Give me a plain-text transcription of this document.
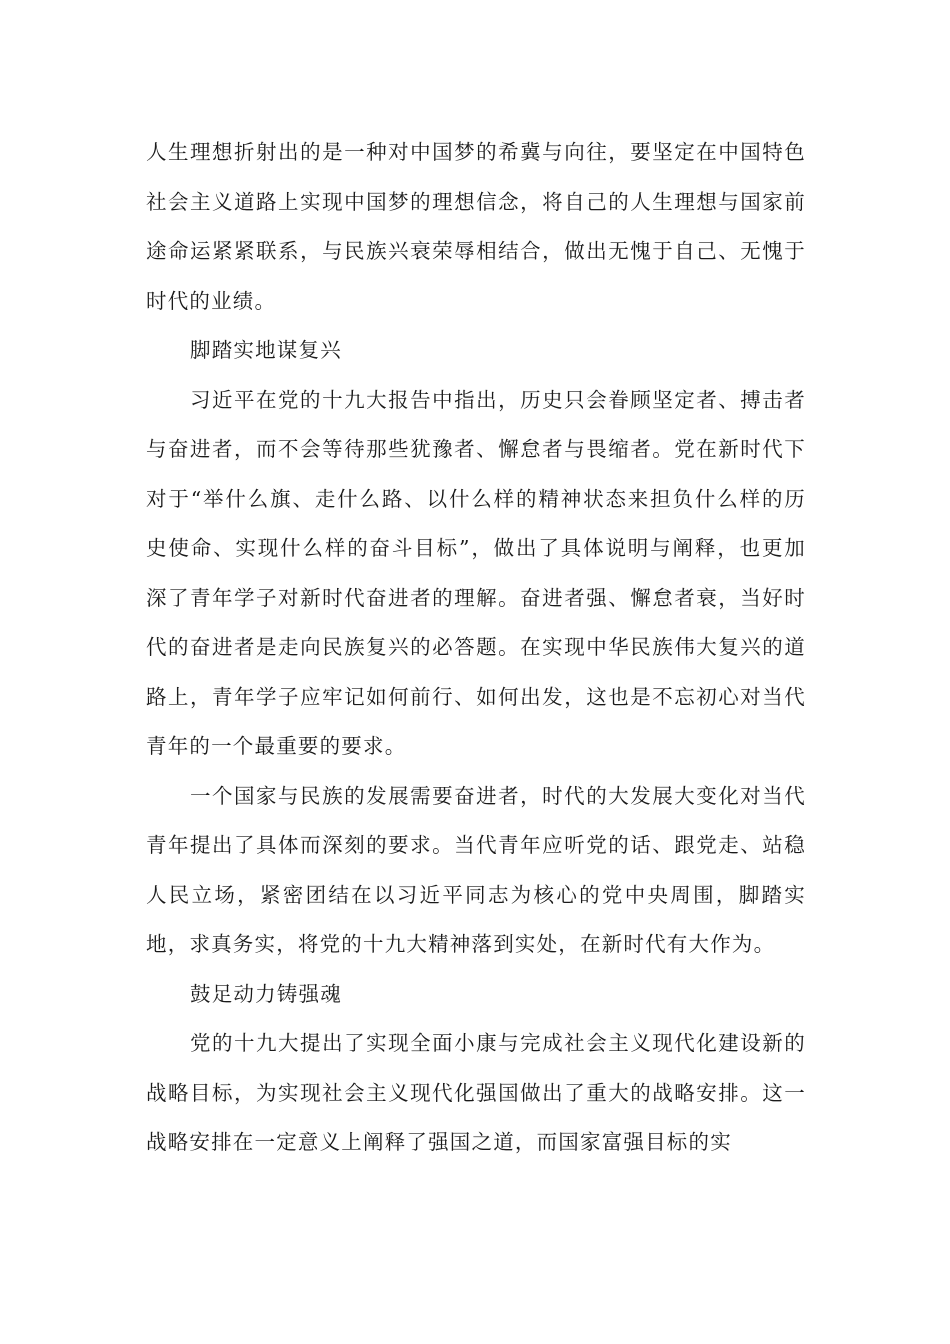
人生理想折射出的是一种对中国梦的希冀与向往，要坚定在中国特色社会主义道路上实现中国梦的理想信念，将自己的人生理想与国家前途命运紧紧联系，与民族兴衰荣辱相结合，做出无愧于自己、无愧于时代的业绩。

脚踏实地谋复兴

习近平在党的十九大报告中指出，历史只会眷顾坚定者、搏击者与奋进者，而不会等待那些犹豫者、懈怠者与畏缩者。党在新时代下对于“举什么旗、走什么路、以什么样的精神状态来担负什么样的历史使命、实现什么样的奋斗目标”，做出了具体说明与阐释，也更加深了青年学子对新时代奋进者的理解。奋进者强、懈怠者衰，当好时代的奋进者是走向民族复兴的必答题。在实现中华民族伟大复兴的道路上，青年学子应牢记如何前行、如何出发，这也是不忘初心对当代青年的一个最重要的要求。

一个国家与民族的发展需要奋进者，时代的大发展大变化对当代青年提出了具体而深刻的要求。当代青年应听党的话、跟党走、站稳人民立场，紧密团结在以习近平同志为核心的党中央周围，脚踏实地，求真务实，将党的十九大精神落到实处，在新时代有大作为。

鼓足动力铸强魂

党的十九大提出了实现全面小康与完成社会主义现代化建设新的战略目标，为实现社会主义现代化强国做出了重大的战略安排。这一战略安排在一定意义上阐释了强国之道，而国家富强目标的实
